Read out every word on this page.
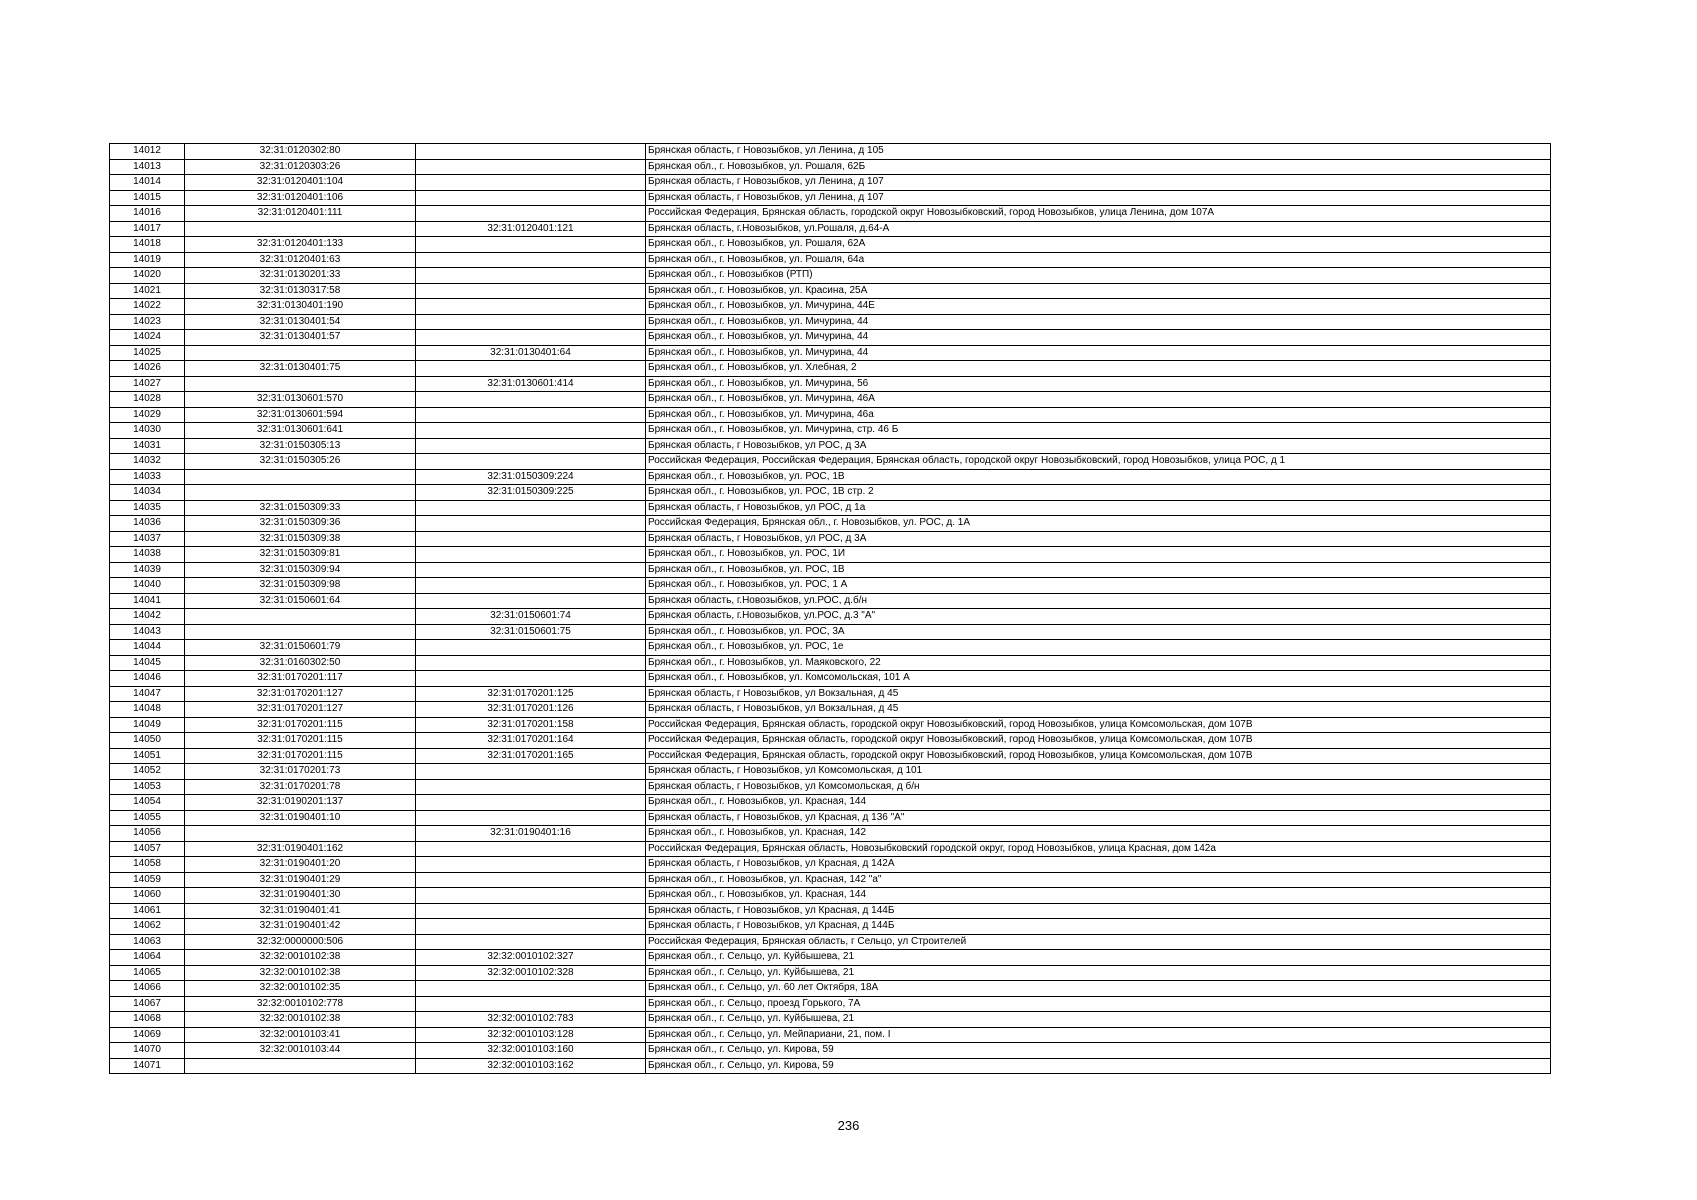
14012	32:31:0120302:80		Брянская область, г Новозыбков, ул Ленина, д 105
14013	32:31:0120303:26		Брянская обл., г. Новозыбков, ул. Рошаля, 62Б
14014	32:31:0120401:104		Брянская область, г Новозыбков, ул Ленина, д 107
14015	32:31:0120401:106		Брянская область, г Новозыбков, ул Ленина, д 107
14016	32:31:0120401:111		Российская Федерация, Брянская область, городской округ Новозыбковский, город Новозыбков, улица Ленина, дом 107А
14017		32:31:0120401:121	Брянская область, г.Новозыбков, ул.Рошаля, д.64-А
14018	32:31:0120401:133		Брянская обл., г. Новозыбков, ул. Рошаля, 62А
14019	32:31:0120401:63		Брянская обл., г. Новозыбков, ул. Рошаля, 64а
14020	32:31:0130201:33		Брянская обл., г. Новозыбков (РТП)
14021	32:31:0130317:58		Брянская обл., г. Новозыбков, ул. Красина, 25А
14022	32:31:0130401:190		Брянская обл., г. Новозыбков, ул. Мичурина, 44Е
14023	32:31:0130401:54		Брянская обл., г. Новозыбков, ул. Мичурина, 44
14024	32:31:0130401:57		Брянская обл., г. Новозыбков, ул. Мичурина, 44
14025		32:31:0130401:64	Брянская обл., г. Новозыбков, ул. Мичурина, 44
14026	32:31:0130401:75		Брянская обл., г. Новозыбков, ул. Хлебная, 2
14027		32:31:0130601:414	Брянская обл., г. Новозыбков, ул. Мичурина, 56
14028	32:31:0130601:570		Брянская обл., г. Новозыбков, ул. Мичурина, 46А
14029	32:31:0130601:594		Брянская обл., г. Новозыбков, ул. Мичурина, 46а
14030	32:31:0130601:641		Брянская обл., г. Новозыбков, ул. Мичурина, стр. 46 Б
14031	32:31:0150305:13		Брянская область, г Новозыбков, ул РОС, д 3А
14032	32:31:0150305:26		Российская Федерация, Российская Федерация, Брянская область, городской округ Новозыбковский, город Новозыбков, улица РОС, д 1
14033		32:31:0150309:224	Брянская обл., г. Новозыбков, ул. РОС, 1В
14034		32:31:0150309:225	Брянская обл., г. Новозыбков, ул. РОС, 1В стр. 2
14035	32:31:0150309:33		Брянская область, г Новозыбков, ул РОС, д 1а
14036	32:31:0150309:36		Российская Федерация, Брянская обл., г. Новозыбков, ул. РОС, д. 1А
14037	32:31:0150309:38		Брянская область, г Новозыбков, ул РОС, д 3А
14038	32:31:0150309:81		Брянская обл., г. Новозыбков, ул. РОС, 1И
14039	32:31:0150309:94		Брянская обл., г. Новозыбков, ул. РОС, 1В
14040	32:31:0150309:98		Брянская обл., г. Новозыбков, ул. РОС, 1 А
14041	32:31:0150601:64		Брянская область, г.Новозыбков, ул.РОС, д.б/н
14042		32:31:0150601:74	Брянская область, г.Новозыбков, ул.РОС, д.3 "А"
14043		32:31:0150601:75	Брянская обл., г. Новозыбков, ул. РОС, 3А
14044	32:31:0150601:79		Брянская обл., г. Новозыбков, ул. РОС, 1е
14045	32:31:0160302:50		Брянская обл., г. Новозыбков, ул. Маяковского, 22
14046	32:31:0170201:117		Брянская обл., г. Новозыбков, ул. Комсомольская, 101 А
14047	32:31:0170201:127	32:31:0170201:125	Брянская область, г Новозыбков, ул Вокзальная, д 45
14048	32:31:0170201:127	32:31:0170201:126	Брянская область, г Новозыбков, ул Вокзальная, д 45
14049	32:31:0170201:115	32:31:0170201:158	Российская Федерация, Брянская область, городской округ Новозыбковский, город Новозыбков, улица Комсомольская, дом 107В
14050	32:31:0170201:115	32:31:0170201:164	Российская Федерация, Брянская область, городской округ Новозыбковский, город Новозыбков, улица Комсомольская, дом 107В
14051	32:31:0170201:115	32:31:0170201:165	Российская Федерация, Брянская область, городской округ Новозыбковский, город Новозыбков, улица Комсомольская, дом 107В
14052	32:31:0170201:73		Брянская область, г Новозыбков, ул Комсомольская, д 101
14053	32:31:0170201:78		Брянская область, г Новозыбков, ул Комсомольская, д б/н
14054	32:31:0190201:137		Брянская обл., г. Новозыбков, ул. Красная, 144
14055	32:31:0190401:10		Брянская область, г Новозыбков, ул Красная, д 136 "А"
14056		32:31:0190401:16	Брянская обл., г. Новозыбков, ул. Красная, 142
14057	32:31:0190401:162		Российская Федерация, Брянская область, Новозыбковский городской округ, город Новозыбков, улица Красная, дом 142а
14058	32:31:0190401:20		Брянская область, г Новозыбков, ул Красная, д 142А
14059	32:31:0190401:29		Брянская обл., г. Новозыбков, ул. Красная, 142 "а"
14060	32:31:0190401:30		Брянская обл., г. Новозыбков, ул. Красная, 144
14061	32:31:0190401:41		Брянская область, г Новозыбков, ул Красная, д 144Б
14062	32:31:0190401:42		Брянская область, г Новозыбков, ул Красная, д 144Б
14063	32:32:0000000:506		Российская Федерация, Брянская область, г Сельцо, ул Строителей
14064	32:32:0010102:38	32:32:0010102:327	Брянская обл., г. Сельцо, ул. Куйбышева, 21
14065	32:32:0010102:38	32:32:0010102:328	Брянская обл., г. Сельцо, ул. Куйбышева, 21
14066	32:32:0010102:35		Брянская обл., г. Сельцо, ул. 60 лет Октября, 18А
14067	32:32:0010102:778		Брянская обл., г. Сельцо, проезд Горького, 7А
14068	32:32:0010102:38	32:32:0010102:783	Брянская обл., г. Сельцо, ул. Куйбышева, 21
14069	32:32:0010103:41	32:32:0010103:128	Брянская обл., г. Сельцо, ул. Мейпариани, 21, пом. I
14070	32:32:0010103:44	32:32:0010103:160	Брянская обл., г. Сельцо, ул. Кирова, 59
14071		32:32:0010103:162	Брянская обл., г. Сельцо, ул. Кирова, 59
236
